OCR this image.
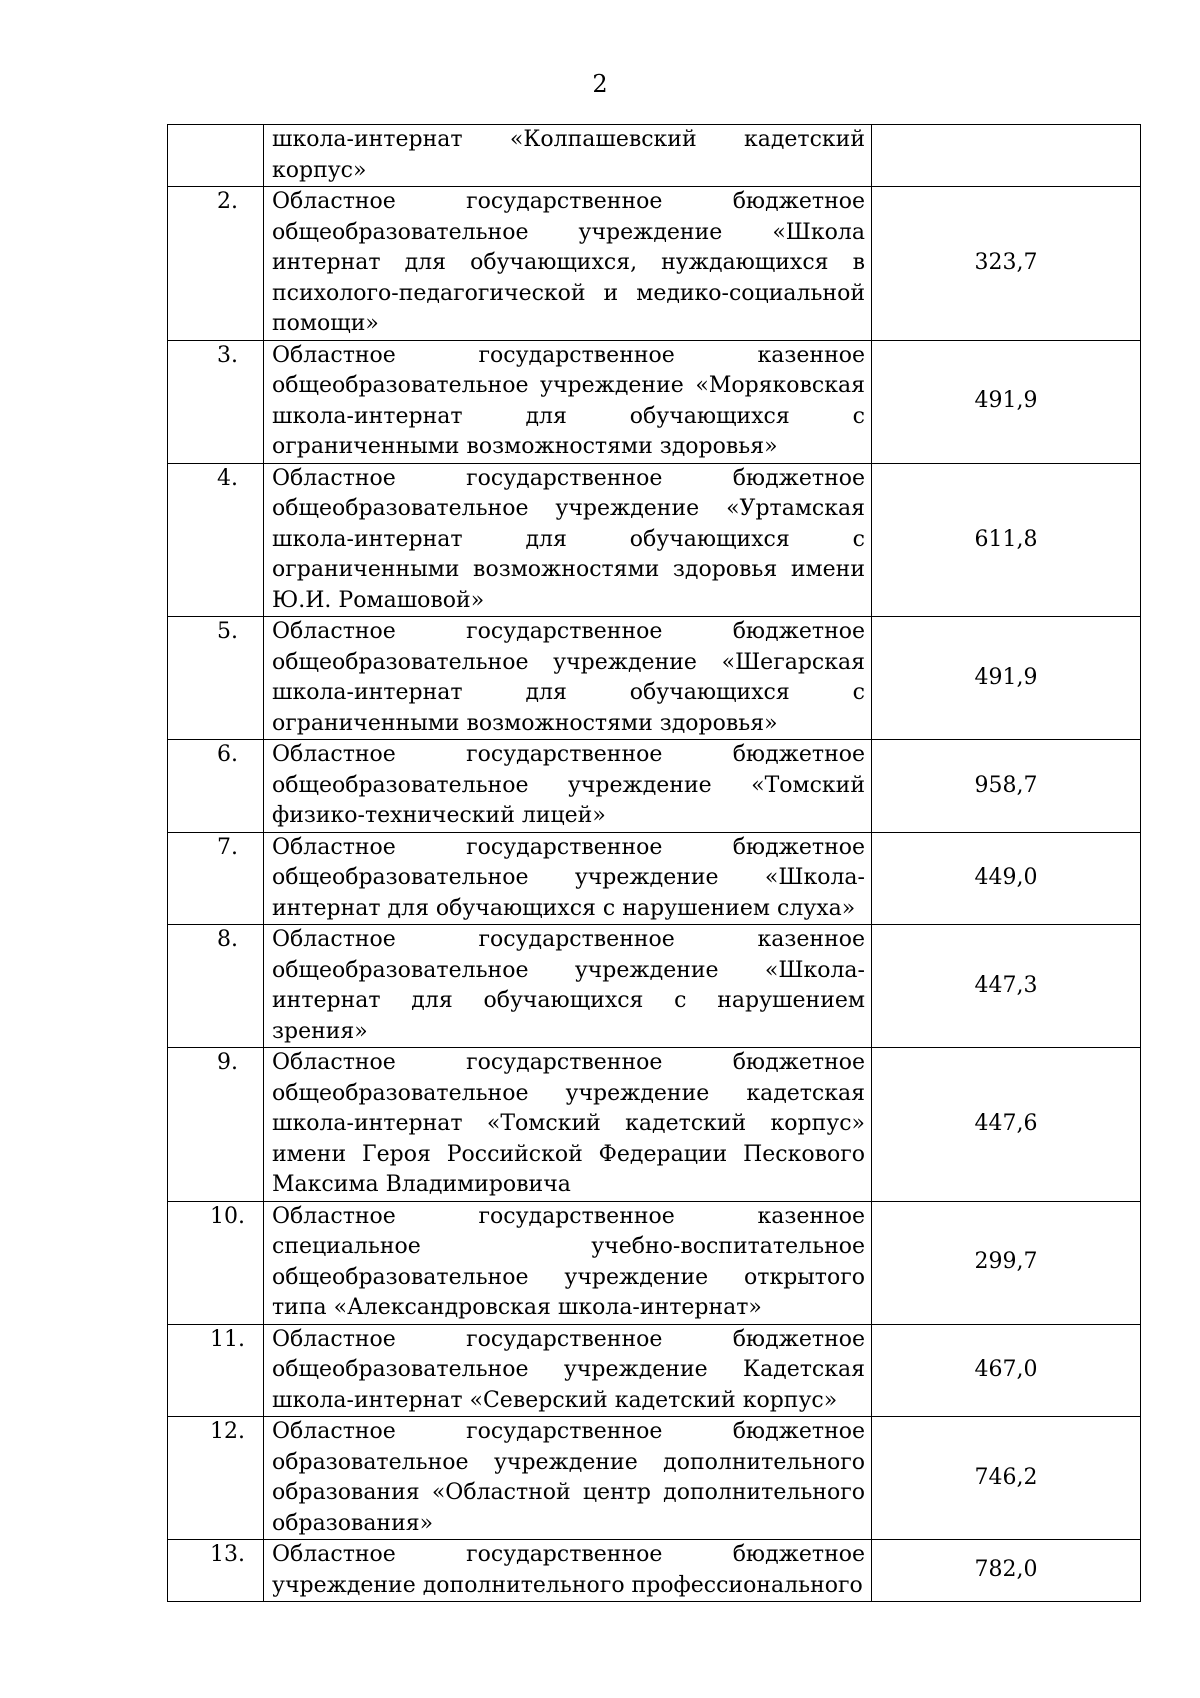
2
	школа-интернат «Колпашевский кадетский корпус»	
2.	Областное государственное бюджетное общеобразовательное учреждение «Школа интернат для обучающихся, нуждающихся в психолого-педагогической и медико-социальной помощи»	323,7
3.	Областное государственное казенное общеобразовательное учреждение «Моряковская школа-интернат для обучающихся с ограниченными возможностями здоровья»	491,9
4.	Областное государственное бюджетное общеобразовательное учреждение «Уртамская школа-интернат для обучающихся с ограниченными возможностями здоровья имени Ю.И. Ромашовой»	611,8
5.	Областное государственное бюджетное общеобразовательное учреждение «Шегарская школа-интернат для обучающихся с ограниченными возможностями здоровья»	491,9
6.	Областное государственное бюджетное общеобразовательное учреждение «Томский физико-технический лицей»	958,7
7.	Областное государственное бюджетное общеобразовательное учреждение «Школа-интернат для обучающихся с нарушением слуха»	449,0
8.	Областное государственное казенное общеобразовательное учреждение «Школа-интернат для обучающихся с нарушением зрения»	447,3
9.	Областное государственное бюджетное общеобразовательное учреждение кадетская школа-интернат «Томский кадетский корпус» имени Героя Российской Федерации Пескового Максима Владимировича	447,6
10.	Областное государственное казенное специальное учебно-воспитательное общеобразовательное учреждение открытого типа «Александровская школа-интернат»	299,7
11.	Областное государственное бюджетное общеобразовательное учреждение Кадетская школа-интернат «Северский кадетский корпус»	467,0
12.	Областное государственное бюджетное образовательное учреждение дополнительного образования «Областной центр дополнительного образования»	746,2
13.	Областное государственное бюджетное учреждение дополнительного профессионального	782,0
